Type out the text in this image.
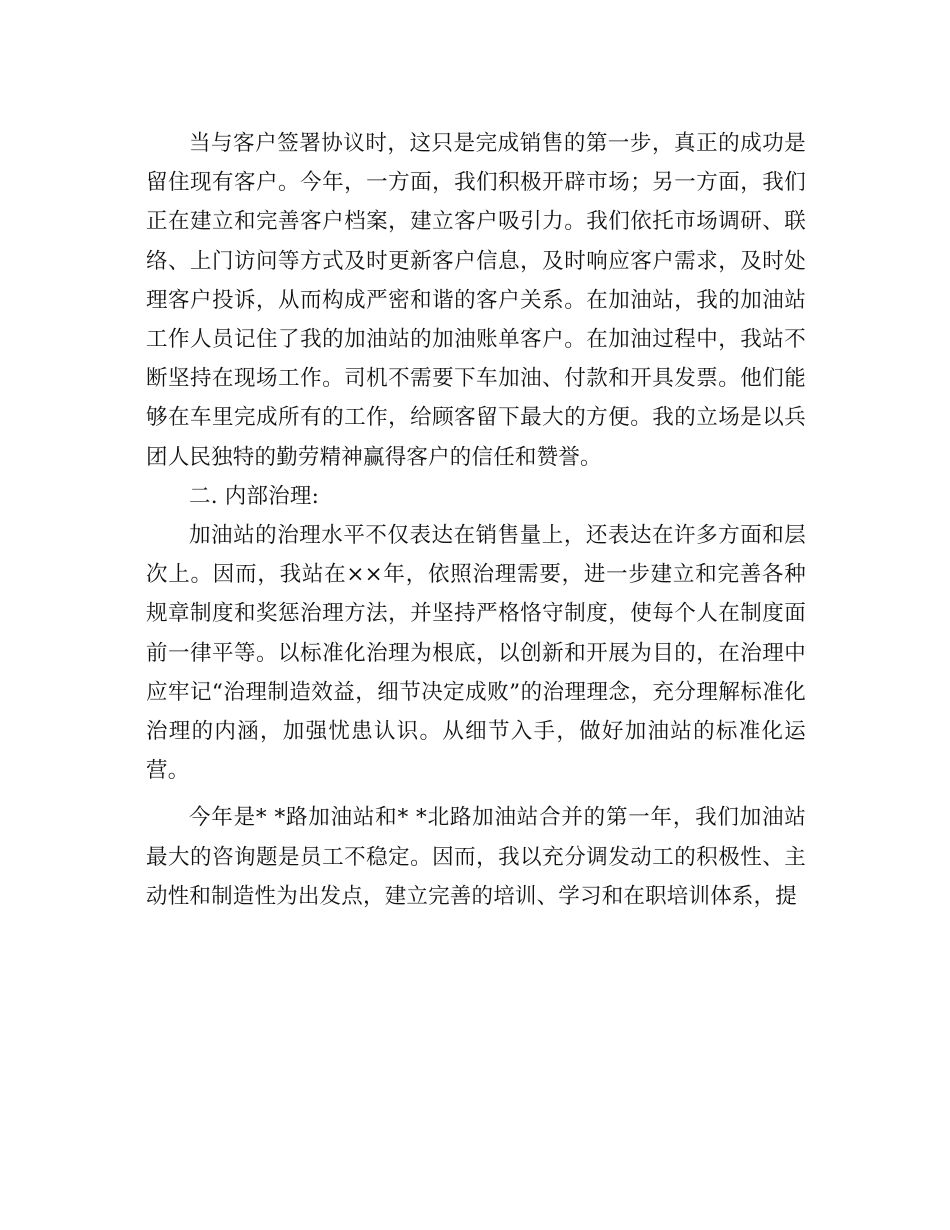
当与客户签署协议时，这只是完成销售的第一步，真正的成功是留住现有客户。今年，一方面，我们积极开辟市场；另一方面，我们正在建立和完善客户档案，建立客户吸引力。我们依托市场调研、联络、上门访问等方式及时更新客户信息，及时响应客户需求，及时处理客户投诉，从而构成严密和谐的客户关系。在加油站，我的加油站工作人员记住了我的加油站的加油账单客户。在加油过程中，我站不断坚持在现场工作。司机不需要下车加油、付款和开具发票。他们能够在车里完成所有的工作，给顾客留下最大的方便。我的立场是以兵团人民独特的勤劳精神赢得客户的信任和赞誉。

二. 内部治理:

加油站的治理水平不仅表达在销售量上，还表达在许多方面和层次上。因而，我站在××年，依照治理需要，进一步建立和完善各种规章制度和奖惩治理方法，并坚持严格恪守制度，使每个人在制度面前一律平等。以标准化治理为根底，以创新和开展为目的，在治理中应牢记“治理制造效益，细节决定成败”的治理理念，充分理解标准化治理的内涵，加强忧患认识。从细节入手，做好加油站的标准化运营。

今年是* *路加油站和* *北路加油站合并的第一年，我们加油站最大的咨询题是员工不稳定。因而，我以充分调发动工的积极性、主动性和制造性为出发点，建立完善的培训、学习和在职培训体系，提
